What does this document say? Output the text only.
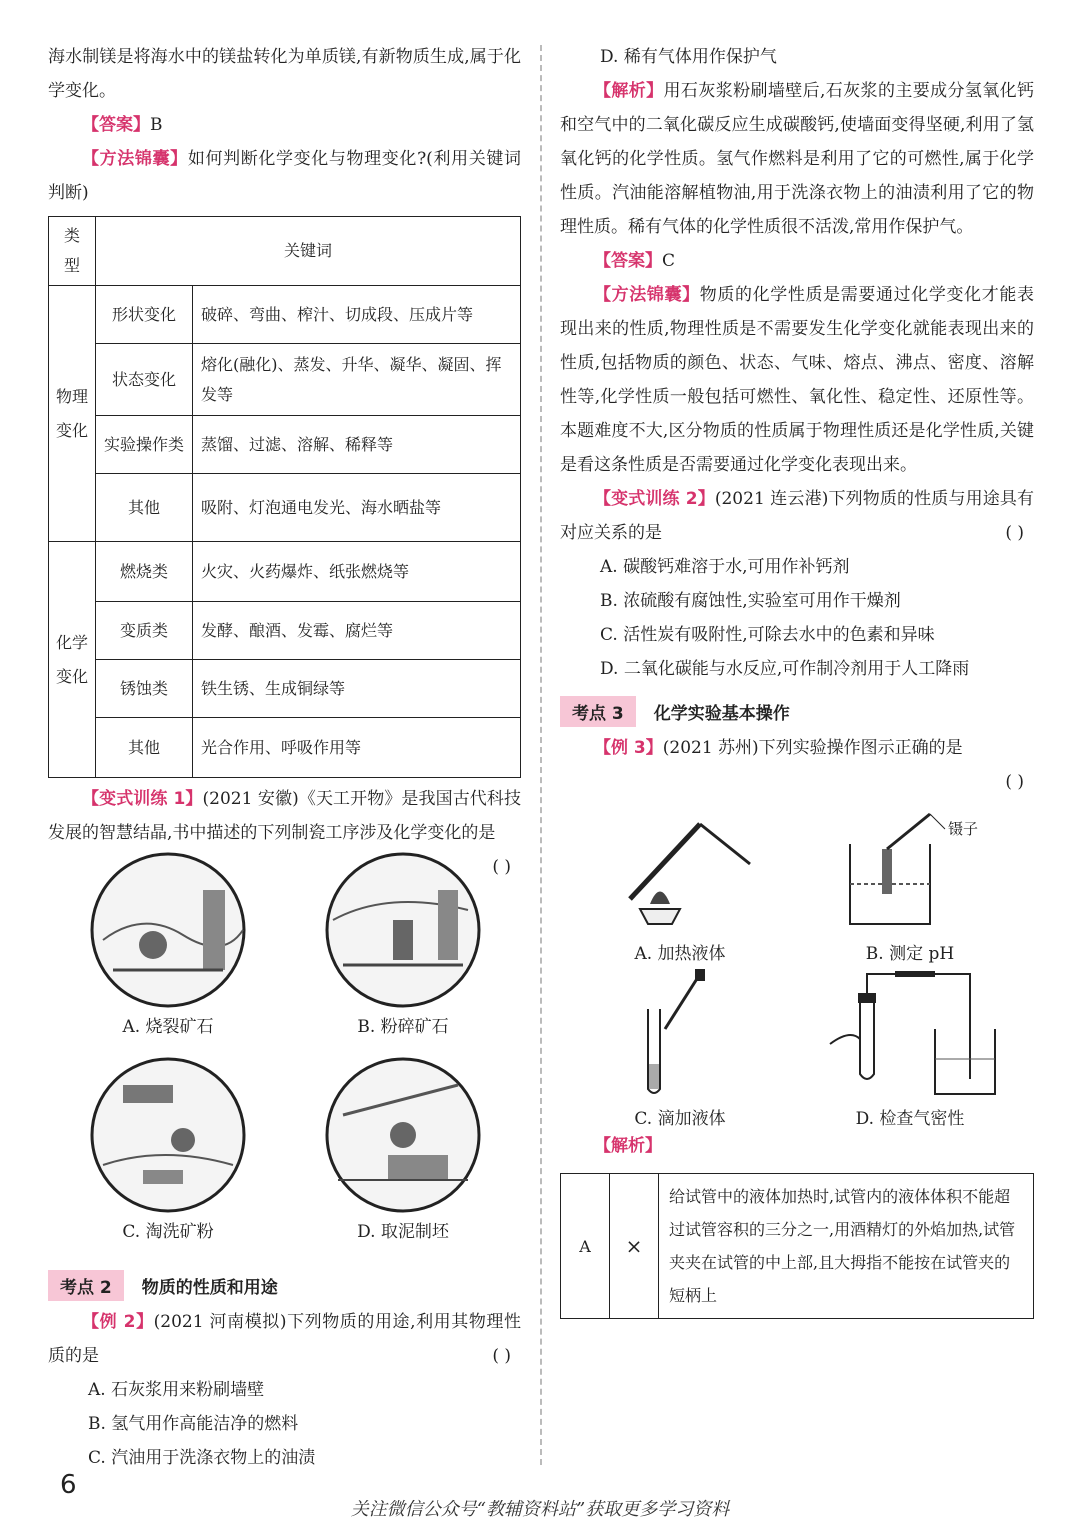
海水制镁是将海水中的镁盐转化为单质镁,有新物质生成,属于化学变化。

【答案】B

【方法锦囊】如何判断化学变化与物理变化?(利用关键词判断)

类型	关键词	
物理变化	形状变化	破碎、弯曲、榨汁、切成段、压成片等
	状态变化	熔化(融化)、蒸发、升华、凝华、凝固、挥发等
	实验操作类	蒸馏、过滤、溶解、稀释等
	其他	吸附、灯泡通电发光、海水晒盐等
化学变化	燃烧类	火灾、火药爆炸、纸张燃烧等
	变质类	发酵、酿酒、发霉、腐烂等
	锈蚀类	铁生锈、生成铜绿等
	其他	光合作用、呼吸作用等

【变式训练 1】(2021 安徽)《天工开物》是我国古代科技发展的智慧结晶,书中描述的下列制瓷工序涉及化学变化的是
( )

A. 烧裂矿石	B. 粉碎矿石
C. 淘洗矿粉	D. 取泥制坯
考点 2	物质的性质和用途

【例 2】(2021 河南模拟)下列物质的用途,利用其物理性质的是	( )

A. 石灰浆用来粉刷墙壁
B. 氢气用作高能洁净的燃料
C. 汽油用于洗涤衣物上的油渍
D. 稀有气体用作保护气

【解析】用石灰浆粉刷墙壁后,石灰浆的主要成分氢氧化钙和空气中的二氧化碳反应生成碳酸钙,使墙面变得坚硬,利用了氢氧化钙的化学性质。氢气作燃料是利用了它的可燃性,属于化学性质。汽油能溶解植物油,用于洗涤衣物上的油渍利用了它的物理性质。稀有气体的化学性质很不活泼,常用作保护气。

【答案】C

【方法锦囊】物质的化学性质是需要通过化学变化才能表现出来的性质,物理性质是不需要发生化学变化就能表现出来的性质,包括物质的颜色、状态、气味、熔点、沸点、密度、溶解性等,化学性质一般包括可燃性、氧化性、稳定性、还原性等。本题难度不大,区分物质的性质属于物理性质还是化学性质,关键是看这条性质是否需要通过化学变化表现出来。

【变式训练 2】(2021 连云港)下列物质的性质与用途具有对应关系的是	( )

A. 碳酸钙难溶于水,可用作补钙剂
B. 浓硫酸有腐蚀性,实验室可用作干燥剂
C. 活性炭有吸附性,可除去水中的色素和异味
D. 二氧化碳能与水反应,可作制冷剂用于人工降雨
考点 3	化学实验基本操作

【例 3】(2021 苏州)下列实验操作图示正确的是

( )

A. 加热液体
镊子
B. 测定 pH
C. 滴加液体	D. 检查气密性

【解析】

A	×	给试管中的液体加热时,试管内的液体体积不能超过试管容积的三分之一,用酒精灯的外焰加热,试管夹夹在试管的中上部,且大拇指不能按在试管夹的短柄上
6
关注微信公众号“教辅资料站”获取更多学习资料
